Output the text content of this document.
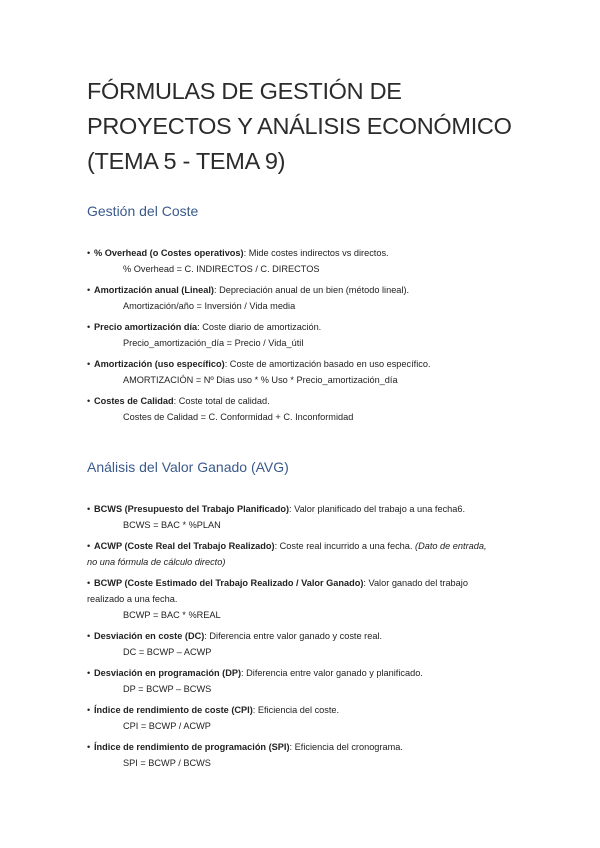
FÓRMULAS DE GESTIÓN DE
PROYECTOS Y ANÁLISIS ECONÓMICO
(TEMA 5 - TEMA 9)
Gestión del Coste
• % Overhead (o Costes operativos): Mide costes indirectos vs directos.
% Overhead = C. INDIRECTOS / C. DIRECTOS
• Amortización anual (Lineal): Depreciación anual de un bien (método lineal).
Amortización/año = Inversión / Vida media
• Precio amortización día: Coste diario de amortización.
Precio_amortización_día = Precio / Vida_útil
• Amortización (uso específico): Coste de amortización basado en uso específico.
AMORTIZACIÓN = Nº Dias uso * % Uso * Precio_amortización_día
• Costes de Calidad: Coste total de calidad.
Costes de Calidad = C. Conformidad + C. Inconformidad
Análisis del Valor Ganado (AVG)
• BCWS (Presupuesto del Trabajo Planificado): Valor planificado del trabajo a una fecha6.
BCWS = BAC * %PLAN
• ACWP (Coste Real del Trabajo Realizado): Coste real incurrido a una fecha. (Dato de entrada,
no una fórmula de cálculo directo)
• BCWP (Coste Estimado del Trabajo Realizado / Valor Ganado): Valor ganado del trabajo
realizado a una fecha.
BCWP = BAC * %REAL
• Desviación en coste (DC): Diferencia entre valor ganado y coste real.
DC = BCWP – ACWP
• Desviación en programación (DP): Diferencia entre valor ganado y planificado.
DP = BCWP – BCWS
• Índice de rendimiento de coste (CPI): Eficiencia del coste.
CPI = BCWP / ACWP
• Índice de rendimiento de programación (SPI): Eficiencia del cronograma.
SPI = BCWP / BCWS
